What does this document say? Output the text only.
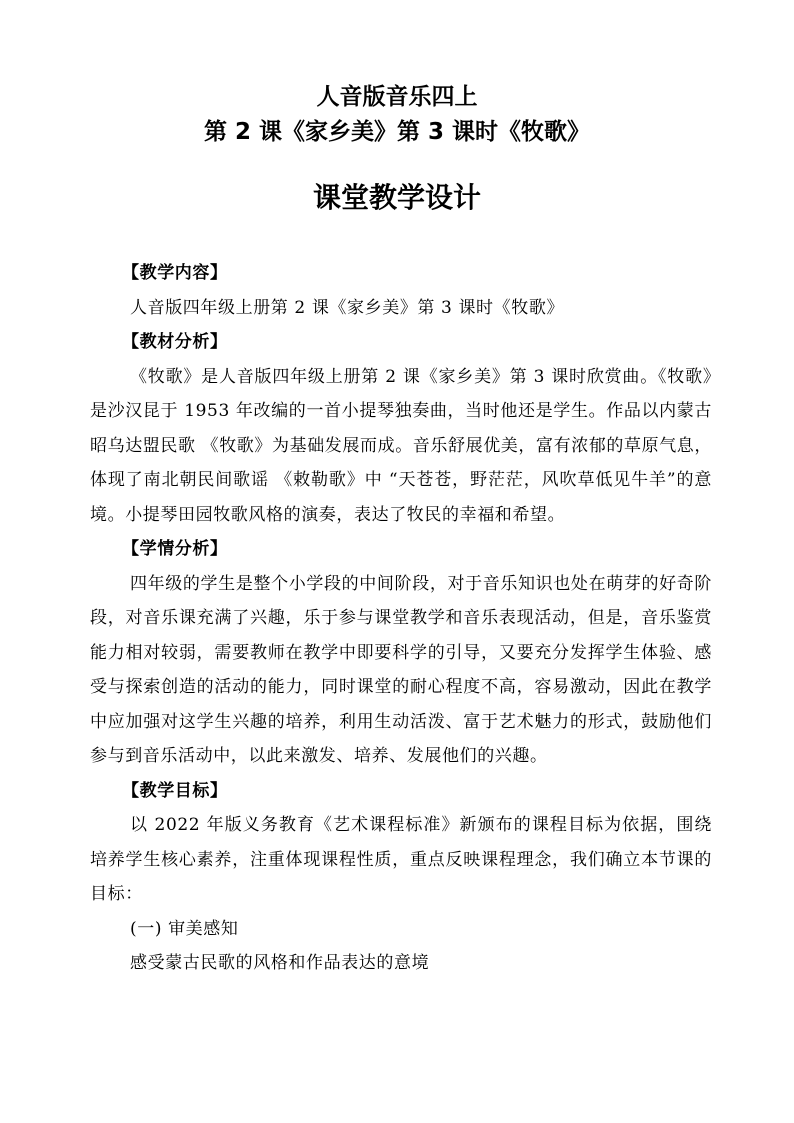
人音版音乐四上
第 2 课《家乡美》第 3 课时《牧歌》
课堂教学设计

【教学内容】

人音版四年级上册第 2 课《家乡美》第 3 课时《牧歌》

【教材分析】

《牧歌》是人音版四年级上册第 2 课《家乡美》第 3 课时欣赏曲。《牧歌》是沙汉昆于 1953 年改编的一首小提琴独奏曲，当时他还是学生。作品以内蒙古昭乌达盟民歌 《牧歌》为基础发展而成。音乐舒展优美，富有浓郁的草原气息，体现了南北朝民间歌谣 《敕勒歌》中 “天苍苍，野茫茫，风吹草低见牛羊”的意境。小提琴田园牧歌风格的演奏，表达了牧民的幸福和希望。

【学情分析】

四年级的学生是整个小学段的中间阶段，对于音乐知识也处在萌芽的好奇阶段，对音乐课充满了兴趣，乐于参与课堂教学和音乐表现活动，但是，音乐鉴赏能力相对较弱，需要教师在教学中即要科学的引导，又要充分发挥学生体验、感受与探索创造的活动的能力，同时课堂的耐心程度不高，容易激动，因此在教学中应加强对这学生兴趣的培养，利用生动活泼、富于艺术魅力的形式，鼓励他们参与到音乐活动中，以此来激发、培养、发展他们的兴趣。

【教学目标】

以 2022 年版义务教育《艺术课程标准》新颁布的课程目标为依据，围绕培养学生核心素养，注重体现课程性质，重点反映课程理念，我们确立本节课的目标：

(一) 审美感知

感受蒙古民歌的风格和作品表达的意境
